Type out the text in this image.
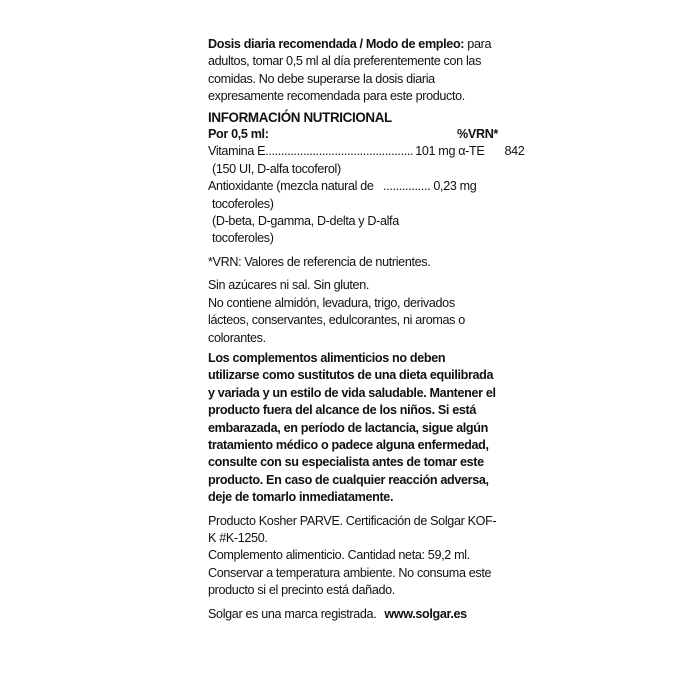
Dosis diaria recomendada / Modo de empleo: para adultos, tomar 0,5 ml al día preferentemente con las comidas. No debe superarse la dosis diaria expresamente recomendada para este producto.

INFORMACIÓN NUTRICIONAL

Por 0,5 ml:	%VRN*
Vitamina E ............................................... 101 mg α-TE	842

(150 UI, D-alfa tocoferol)

Antioxidante (mezcla natural de ............... 0,23 mg

tocoferoles)

(D-beta, D-gamma, D-delta y D-alfa

tocoferoles)

*VRN: Valores de referencia de nutrientes.

Sin azúcares ni sal. Sin gluten.

No contiene almidón, levadura, trigo, derivados lácteos, conservantes, edulcorantes, ni aromas o colorantes.

Los complementos alimenticios no deben utilizarse como sustitutos de una dieta equilibrada y variada y un estilo de vida saludable. Mantener el producto fuera del alcance de los niños. Si está embarazada, en período de lactancia, sigue algún tratamiento médico o padece alguna enfermedad, consulte con su especialista antes de tomar este producto. En caso de cualquier reacción adversa, deje de tomarlo inmediatamente.

Producto Kosher PARVE. Certificación de Solgar KOF-K #K-1250.

Complemento alimenticio. Cantidad neta: 59,2 ml.

Conservar a temperatura ambiente. No consuma este producto si el precinto está dañado.

Solgar es una marca registrada. www.solgar.es
